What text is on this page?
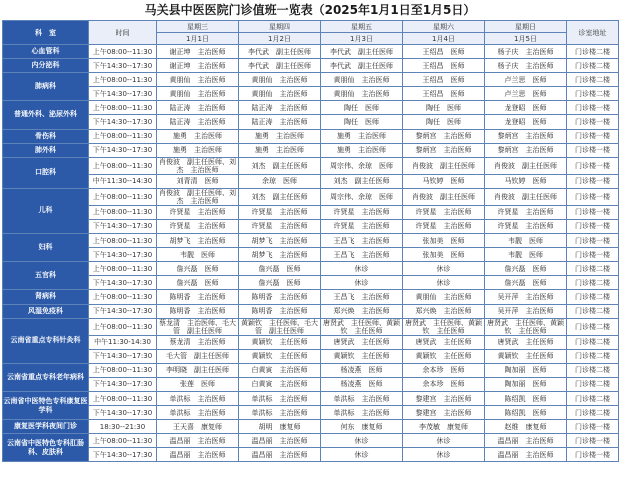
马关县中医医院门诊值班一览表（2025年1月1日至1月5日）
科　室	时间	星期三	星期四	星期五	星期六	星期日	诊室地址
		1月1日	1月2日	1月3日	1月4日	1月5日	
心血管科	上午08:00--11:30	谢正坤　主治医师	李代武　副主任医师	李代武　副主任医师	王绍昌　医师	杨子庆　主治医师	门诊楼二楼
内分泌科	下午14:30--17:30	谢正坤　主治医师	李代武　副主任医师	李代武　副主任医师	王绍昌　医师	杨子庆　主治医师	门诊楼二楼
肺病科	上午08:00--11:30	黄朋仙　主治医师	黄朋仙　主治医师	黄朋仙　主治医师	王绍昌　医师	卢兰思　医师	门诊楼二楼
	下午14:30--17:30	黄朋仙　主治医师	黄朋仙　主治医师	黄朋仙　主治医师	王绍昌　医师	卢兰思　医师	门诊楼二楼
普通外科、泌尿外科	上午08:00--11:30	陆正涛　主治医师	陆正涛　主治医师	陶任　医师	陶任　医师	龙登昭　医师	门诊楼一楼
	下午14:30--17:30	陆正涛　主治医师	陆正涛　主治医师	陶任　医师	陶任　医师	龙登昭　医师	门诊楼一楼
骨伤科	上午08:00--11:30	施勇　主治医师	施勇　主治医师	施勇　主治医师	黎炳宫　主治医师	黎炳宫　主治医师	门诊楼一楼
肺外科	下午14:30--17:30	施勇　主治医师	施勇　主治医师	施勇　主治医师	黎炳宫　主治医师	黎炳宫　主治医师	门诊楼一楼
口腔科	上午08:00--11:30	肖俊波　副主任医师、刘杰　主治医师	刘杰　副主任医师	周宗伟、余琼　医师	肖俊波　副主任医师	肖俊波　副主任医师	门诊楼一楼
	中午11:30--14:30	刘青清　医师	余琼　医师	刘杰　副主任医师	马钦婷　医师	马钦婷　医师	门诊楼一楼
儿科	上午08:00--11:30	肖俊波　副主任医师、刘杰　主治医师	刘杰　副主任医师	周宗伟、余琼　医师	肖俊波　副主任医师	肖俊波　副主任医师	门诊楼一楼
	上午08:00--11:30	许贤星　主治医师	许贤星　主治医师	许贤星　主治医师	许贤星　主治医师	许贤星　主治医师	门诊楼一楼
	下午14:30--17:30	许贤星　主治医师	许贤星　主治医师	许贤星　主治医师	许贤星　主治医师	许贤星　主治医师	门诊楼一楼
妇科	上午08:00--11:30	胡梦飞　主治医师	胡梦飞　主治医师	王昌飞　主治医师	张加美　医师	韦靓　医师	门诊楼一楼
	下午14:30--17:30	韦靓　医师	胡梦飞　主治医师	王昌飞　主治医师	张加美　医师	韦靓　医师	门诊楼一楼
五官科	上午08:00--11:30	詹兴磊　医师	詹兴磊　医师	休诊	休诊	詹兴磊　医师	门诊楼二楼
	下午14:30--17:30	詹兴磊　医师	詹兴磊　医师	休诊	休诊	詹兴磊　医师	门诊楼二楼
肾病科	上午08:00--11:30	陈明香　主治医师	陈明香　主治医师	王昌飞　主治医师	黄朋仙　主治医师	吴开萍　主治医师	门诊楼二楼
风湿免疫科	下午14:30--17:30	陈明香　主治医师	陈明香　主治医师	郑兴焕　主治医师	郑兴焕　主治医师	吴开萍　主治医师	门诊楼二楼
云南省重点专科针灸科	上午08:00--11:30	蔡龙清　主治医师、毛大管　副主任医师	黄颖钦　主任医师、毛大管　副主任医师	唐贤武　主任医师、黄颖钦　主任医师	唐贤武　主任医师、黄颖钦　主任医师	唐贤武　主任医师、黄颖钦　主任医师	门诊楼二楼
	中午11:30-14:30	蔡龙清　主治医师	黄颖钦　主任医师	唐贤武　主任医师	唐贤武　主任医师	唐贤武　主任医师	门诊楼二楼
	下午14:30--17:30	毛大管　副主任医师	黄颖钦　主任医师	黄颖钦　主任医师	黄颖钦　主任医师	黄颖钦　主任医师	门诊楼二楼
云南省重点专科老年病科	上午08:00--11:30	李明晓　副主任医师	白黄寅　主治医师	杨凌燕　医师	余本珍　医师	陶加丽　医师	门诊楼二楼
	下午14:30--17:30	张莲　医师	白黄寅　主治医师	杨凌燕　医师	余本珍　医师	陶加丽　医师	门诊楼二楼
云南省中医特色专科康复医学科	上午08:00--11:30	单洪标　主治医师	单洪标　主治医师	单洪标　主治医师	黎建宫　主治医师	陈绍凯　医师	门诊楼二楼
	下午14:30--17:30	单洪标　主治医师	单洪标　主治医师	单洪标　主治医师	黎建宫　主治医师	陈绍凯　医师	门诊楼二楼
康复医学科夜间门诊	18:30--21:30	王天喜　康复师	胡明　康复师	何东　康复师	李茂敏　康复师	赵维　康复师	门诊楼一楼
云南省中医特色专科肛肠科、皮肤科	上午08:00--11:30	温昌丽　主治医师	温昌丽　主治医师	休诊	休诊	温昌丽　主治医师	门诊楼一楼
	下午14:30--17:30	温昌丽　主治医师	温昌丽　主治医师	休诊	休诊	温昌丽　主治医师	门诊楼一楼
